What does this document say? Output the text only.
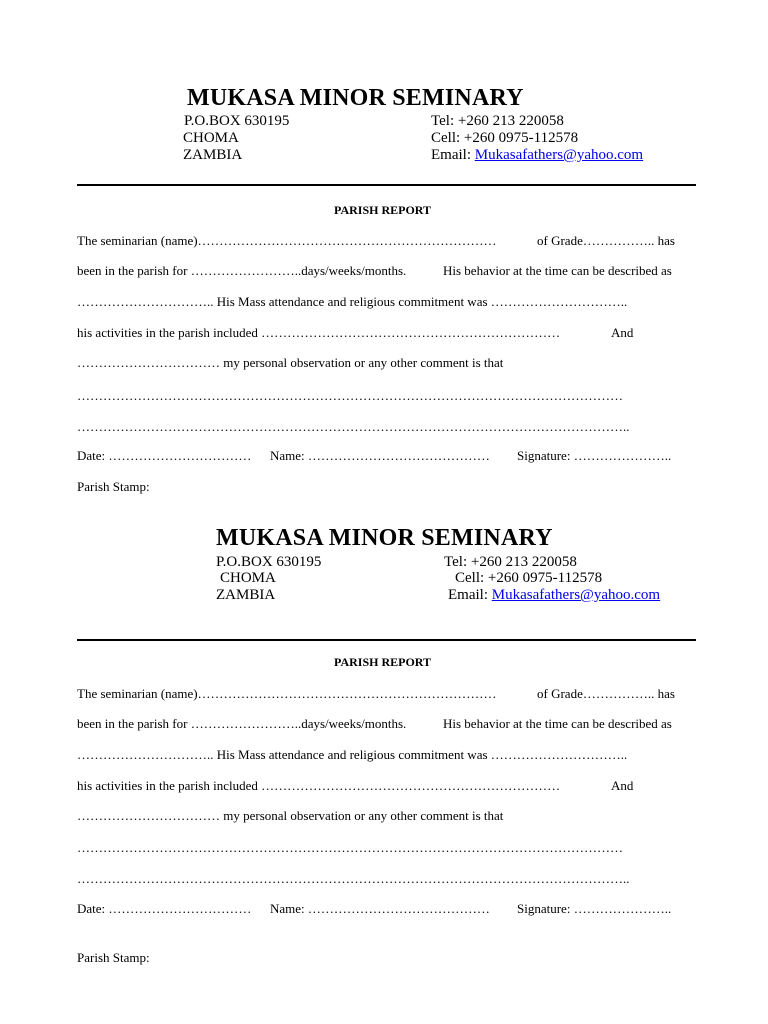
MUKASA MINOR SEMINARY
P.O.BOX 630195
CHOMA
ZAMBIA
Tel: +260 213 220058
Cell: +260 0975-112578
Email: Mukasafathers@yahoo.com
PARISH REPORT
The seminarian (name)……………………………………………………………	of Grade…………….. has
been in the parish for ……………………..days/weeks/months.	His behavior at the time can be described as
………………………….. His Mass attendance and religious commitment was …………………………..
his activities in the parish included ……………………………………………………………	And
…………………………… my personal observation or any other comment is that
………………………………………………………………………………………………………………
………………………………………………………………………………………………………………..
Date: …………………………… Name: …………………………………… Signature: …………………..
Parish Stamp:
MUKASA MINOR SEMINARY
P.O.BOX 630195
CHOMA
ZAMBIA
Tel: +260 213 220058
Cell: +260 0975-112578
Email: Mukasafathers@yahoo.com
PARISH REPORT
The seminarian (name)……………………………………………………………	of Grade…………….. has
been in the parish for ……………………..days/weeks/months.	His behavior at the time can be described as
………………………….. His Mass attendance and religious commitment was …………………………..
his activities in the parish included ……………………………………………………………	And
…………………………… my personal observation or any other comment is that
………………………………………………………………………………………………………………
………………………………………………………………………………………………………………..
Date: …………………………… Name: …………………………………… Signature: …………………..
Parish Stamp:
